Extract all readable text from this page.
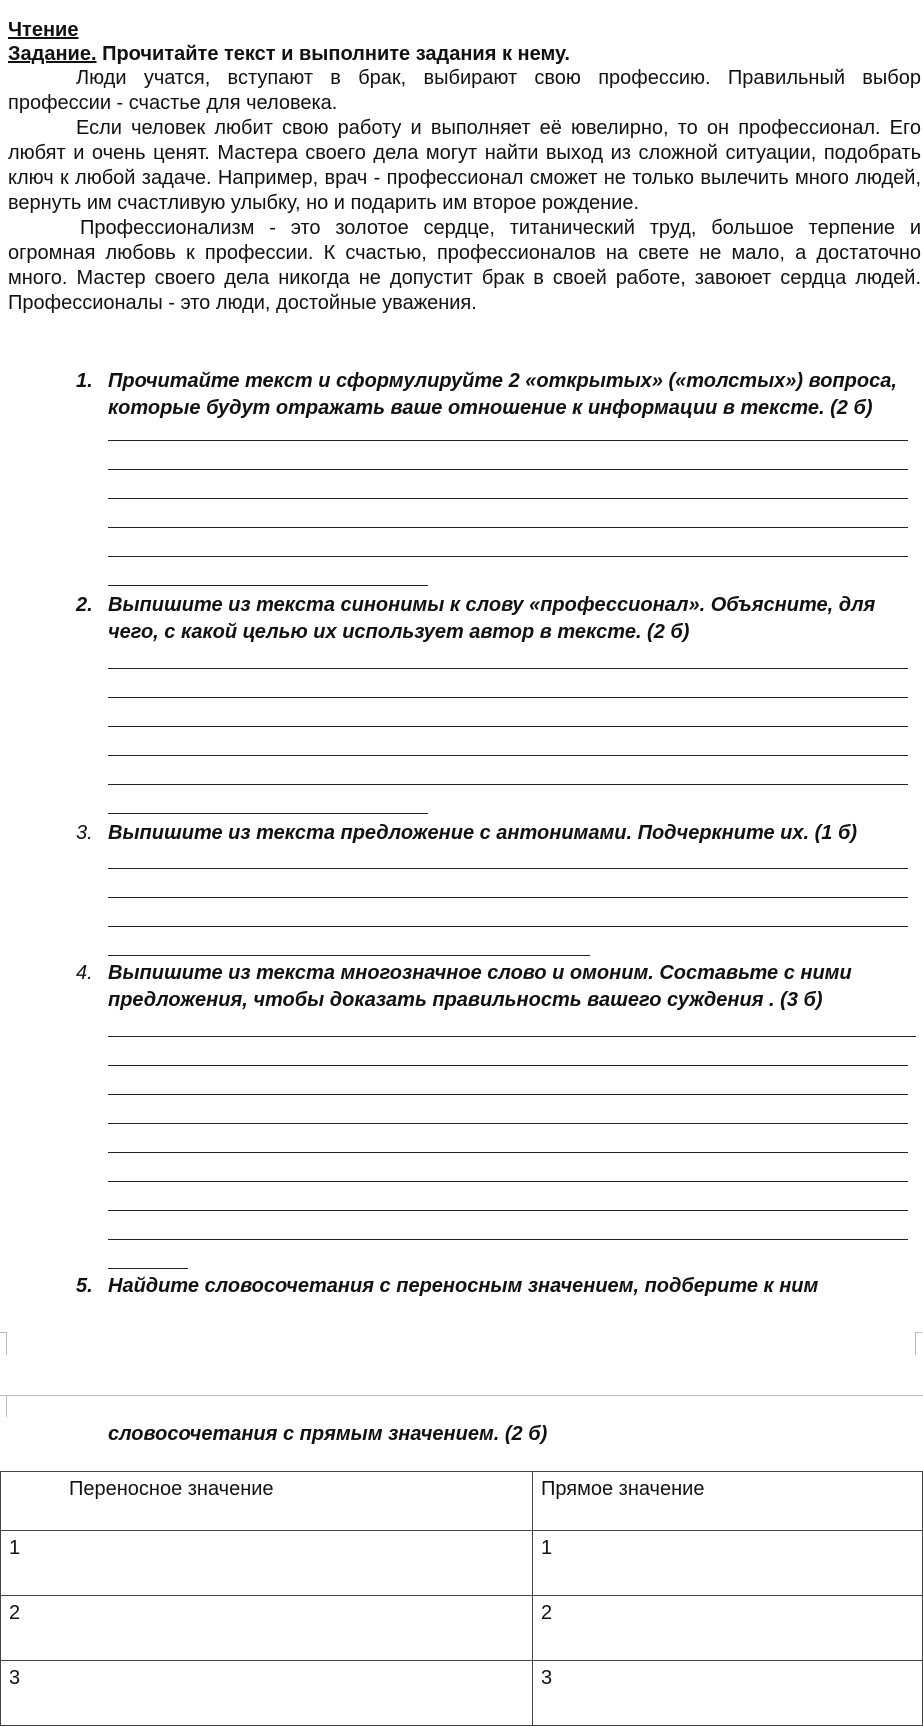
Чтение
Задание. Прочитайте текст и выполните задания к нему.

Люди учатся, вступают в брак, выбирают свою профессию. Правильный выбор профессии - счастье для человека.

Если человек любит свою работу и выполняет её ювелирно, то он профессионал. Его любят и очень ценят. Мастера своего дела могут найти выход из сложной ситуации, подобрать ключ к любой задаче. Например, врач - профессионал сможет не только вылечить много людей, вернуть им счастливую улыбку, но и подарить им второе рождение.

Профессионализм - это золотое сердце, титанический труд, большое терпение и огромная любовь к профессии. К счастью, профессионалов на свете не мало, а достаточно много. Мастер своего дела никогда не допустит брак в своей работе, завоюет сердца людей. Профессионалы - это люди, достойные уважения.

1. Прочитайте текст и сформулируйте 2 «открытых» («толстых») вопроса, которые будут отражать ваше отношение к информации в тексте. (2 б)
2. Выпишите из текста синонимы к слову «профессионал». Объясните, для чего, с какой целью их использует автор в тексте. (2 б)
3. Выпишите из текста предложение с антонимами. Подчеркните их. (1 б)
4. Выпишите из текста многозначное слово и омоним. Составьте с ними предложения, чтобы доказать правильность вашего суждения . (3 б)
5. Найдите словосочетания с переносным значением, подберите к ним
словосочетания с прямым значением. (2 б)
Переносное значение	Прямое значение
1	1
2	2
3	3
